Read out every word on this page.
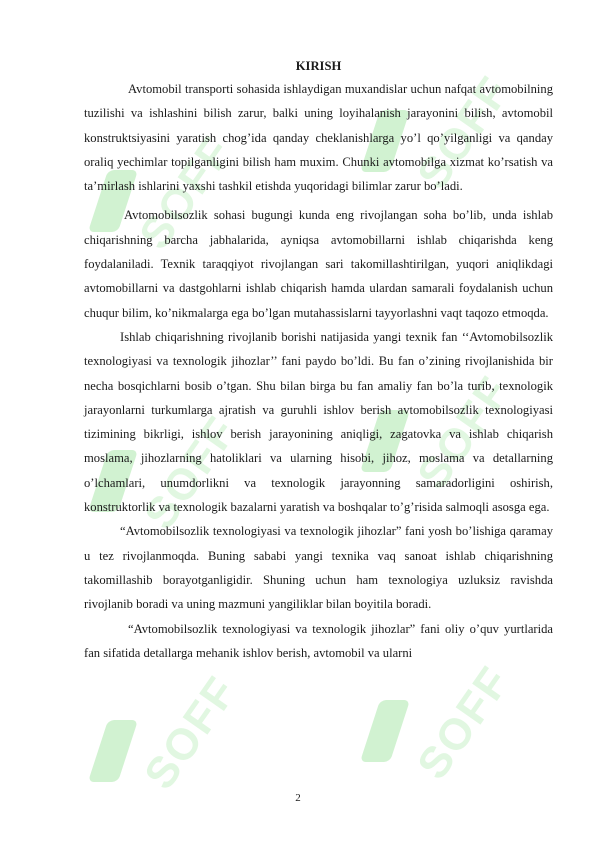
SOFF	SOFF
SOFF	SOFF
SOFF	SOFF
KIRISH

Avtomobil transporti sohasida ishlaydigan muxandislar uchun nafqat avtomobilning tuzilishi va ishlashini bilish zarur, balki uning loyihalanish jarayonini bilish, avtomobil konstruktsiyasini yaratish chog’ida qanday cheklanishlarga yo’l qo’yilganligi va qanday oraliq yechimlar topilganligini bilish ham muxim. Chunki avtomobilga xizmat ko’rsatish va ta’mirlash ishlarini yaxshi tashkil etishda yuqoridagi bilimlar zarur bo’ladi.

Avtomobilsozlik sohasi bugungi kunda eng rivojlangan soha bo’lib, unda ishlab chiqarishning barcha jabhalarida, ayniqsa avtomobillarni ishlab chiqarishda keng foydalaniladi. Texnik taraqqiyot rivojlangan sari takomillashtirilgan, yuqori aniqlikdagi avtomobillarni va dastgohlarni ishlab chiqarish hamda ulardan samarali foydalanish uchun chuqur bilim, ko’nikmalarga ega bo’lgan mutahassislarni tayyorlashni vaqt taqozo etmoqda.

Ishlab chiqarishning rivojlanib borishi natijasida yangi texnik fan ‘‘Avtomobilsozlik texnologiyasi va texnologik jihozlar’’ fani paydo bo’ldi. Bu fan o’zining rivojlanishida bir necha bosqichlarni bosib o’tgan. Shu bilan birga bu fan amaliy fan bo’la turib, texnologik jarayonlarni turkumlarga ajratish va guruhli ishlov berish avtomobilsozlik texnologiyasi tizimining bikrligi, ishlov berish jarayonining aniqligi, zagatovka va ishlab chiqarish moslama, jihozlarning hatoliklari va ularning hisobi, jihoz, moslama va detallarning o’lchamlari, unumdorlikni va texnologik jarayonning samaradorligini oshirish, konstruktorlik va texnologik bazalarni yaratish va boshqalar to’g’risida salmoqli asosga ega.

“Avtomobilsozlik texnologiyasi va texnologik jihozlar” fani yosh bo’lishiga qaramay u tez rivojlanmoqda. Buning sababi yangi texnika vaq sanoat ishlab chiqarishning takomillashib borayotganligidir. Shuning uchun ham texnologiya uzluksiz ravishda rivojlanib boradi va uning mazmuni yangiliklar bilan boyitila boradi.

“Avtomobilsozlik texnologiyasi va texnologik jihozlar” fani oliy o’quv yurtlarida fan sifatida detallarga mehanik ishlov berish, avtomobil va ularni

2
